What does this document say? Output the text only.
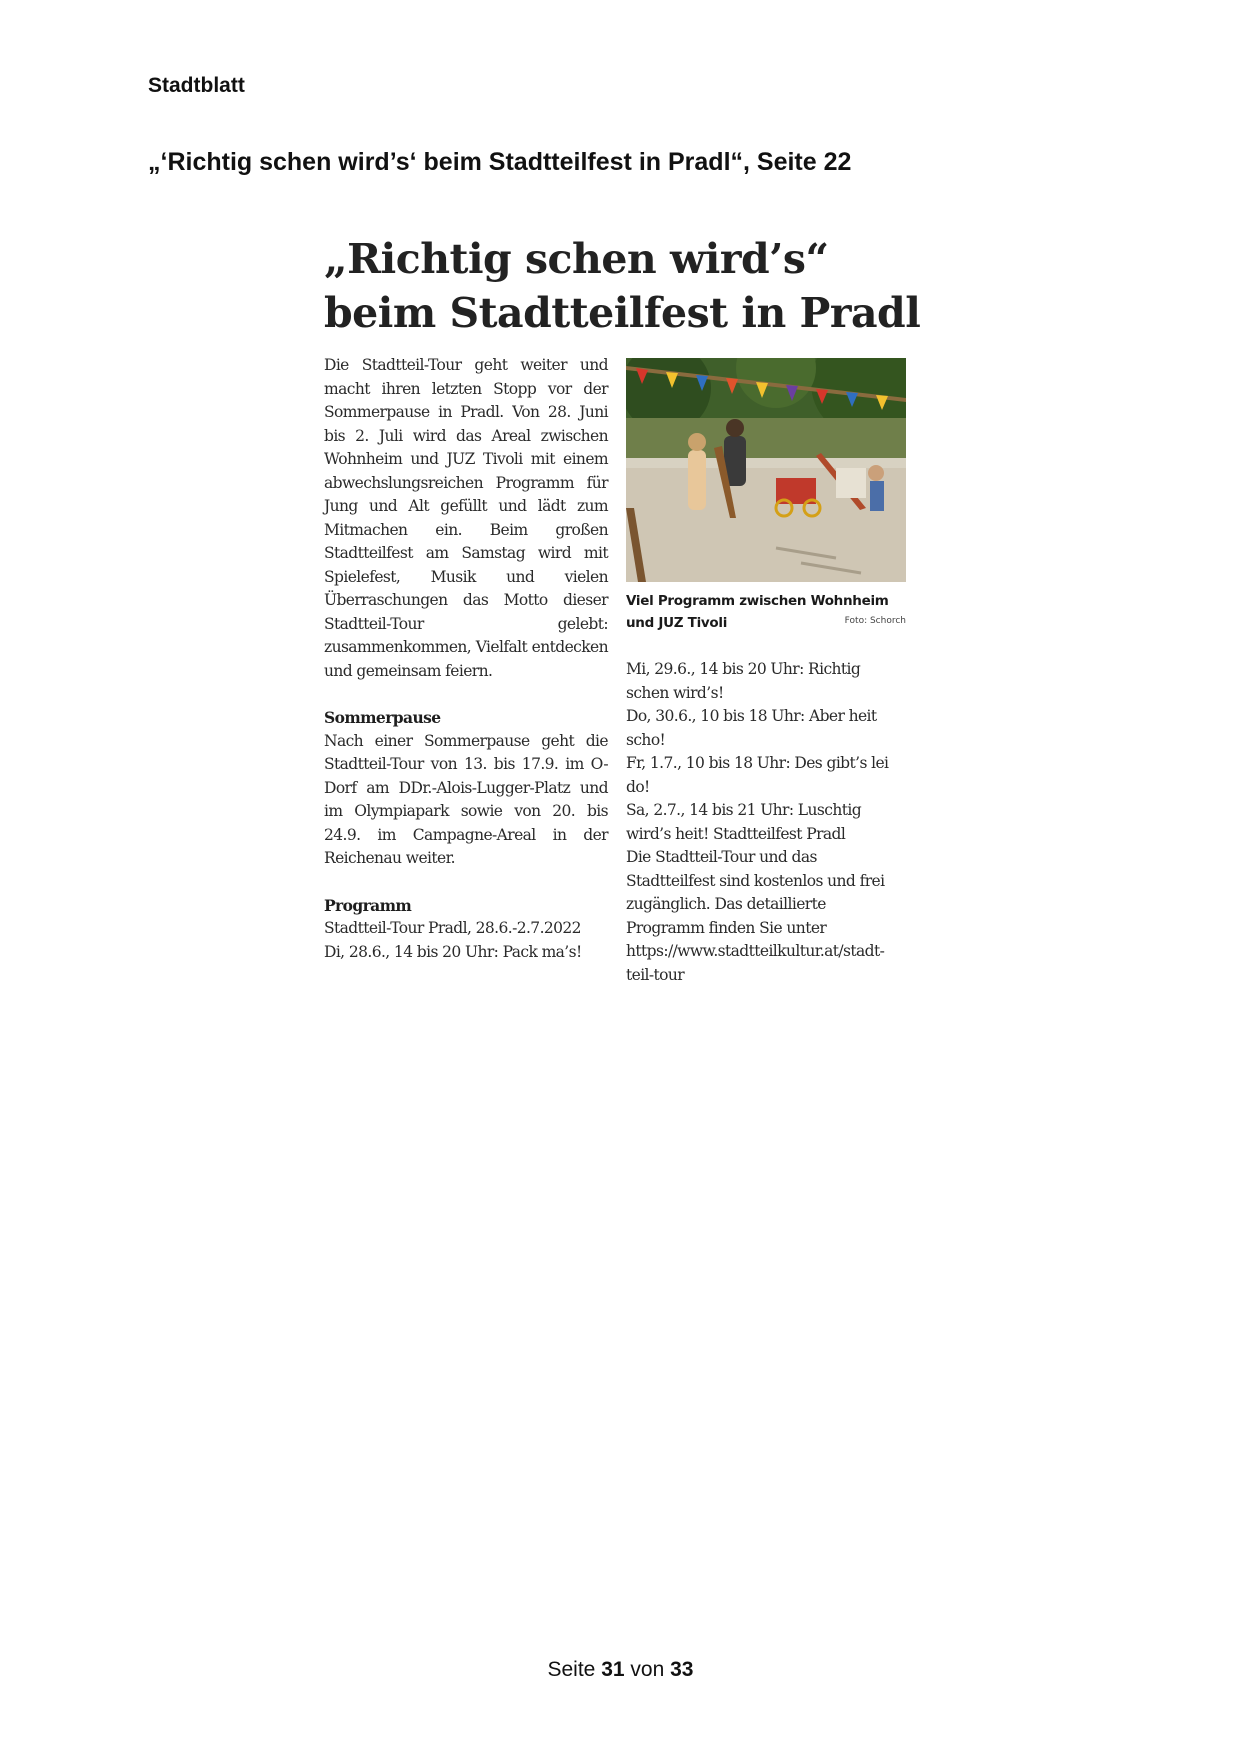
Stadtblatt
„‘Richtig schen wird’s‘ beim Stadtteilfest in Pradl“, Seite 22
„Richtig schen wird’s“
beim Stadtteilfest in Pradl

Die Stadtteil-Tour geht weiter und macht ihren letzten Stopp vor der Sommerpause in Pradl. Von 28. Juni bis 2. Juli wird das Areal zwischen Wohnheim und JUZ Tivoli mit einem abwechslungsreichen Programm für Jung und Alt gefüllt und lädt zum Mitmachen ein. Beim großen Stadtteilfest am Samstag wird mit Spielefest, Musik und vielen Überraschungen das Motto dieser Stadtteil-Tour gelebt: zusammenkommen, Vielfalt entdecken und gemeinsam feiern.

Sommerpause

Nach einer Sommerpause geht die Stadtteil-Tour von 13. bis 17.9. im O-Dorf am DDr.-Alois-Lugger-Platz und im Olympiapark sowie von 20. bis 24.9. im Campagne-Areal in der Reichenau weiter.

Programm

Stadtteil-Tour Pradl, 28.6.-2.7.2022

Di, 28.6., 14 bis 20 Uhr: Pack ma’s!

Viel Programm zwischen Wohnheim und JUZ Tivoli	Foto: Schorch

Mi, 29.6., 14 bis 20 Uhr: Richtig schen wird’s!

Do, 30.6., 10 bis 18 Uhr: Aber heit scho!

Fr, 1.7., 10 bis 18 Uhr: Des gibt’s lei do!

Sa, 2.7., 14 bis 21 Uhr: Luschtig wird’s heit! Stadtteilfest Pradl

Die Stadtteil-Tour und das Stadtteilfest sind kostenlos und frei zugänglich. Das detaillierte Programm finden Sie unter https://www.stadtteilkultur.at/stadt-teil-tour

Seite 31 von 33
